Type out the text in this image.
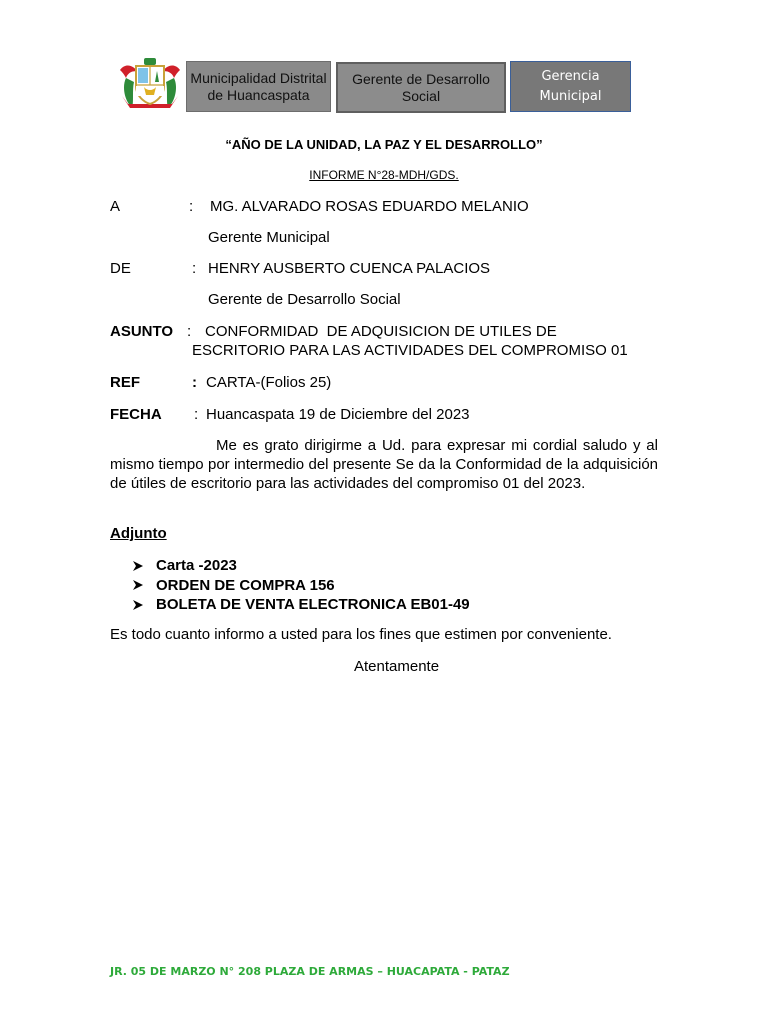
Municipalidad Distrital de Huancaspata
Gerente de Desarrollo Social
Gerencia Municipal
“AÑO DE LA UNIDAD, LA PAZ Y EL DESARROLLO”
INFORME N°28-MDH/GDS.
A	: MG. ALVARADO ROSAS EDUARDO MELANIO
Gerente Municipal
DE	: HENRY AUSBERTO CUENCA PALACIOS
Gerente de Desarrollo Social
ASUNTO : CONFORMIDAD  DE ADQUISICION DE UTILES DE
ESCRITORIO PARA LAS ACTIVIDADES DEL COMPROMISO 01
REF	: CARTA-(Folios 25)
FECHA : Huancaspata 19 de Diciembre del 2023
Me es grato dirigirme a Ud. para expresar mi cordial saludo y al mismo tiempo por intermedio del presente Se da la Conformidad de la adquisición de útiles de escritorio para las actividades del compromiso 01 del 2023.
Adjunto
Carta -2023
ORDEN DE COMPRA 156
BOLETA DE VENTA ELECTRONICA EB01-49
Es todo cuanto informo a usted para los fines que estimen por conveniente.
Atentamente
JR. 05 DE MARZO N° 208 PLAZA DE ARMAS – HUACAPATA - PATAZ
